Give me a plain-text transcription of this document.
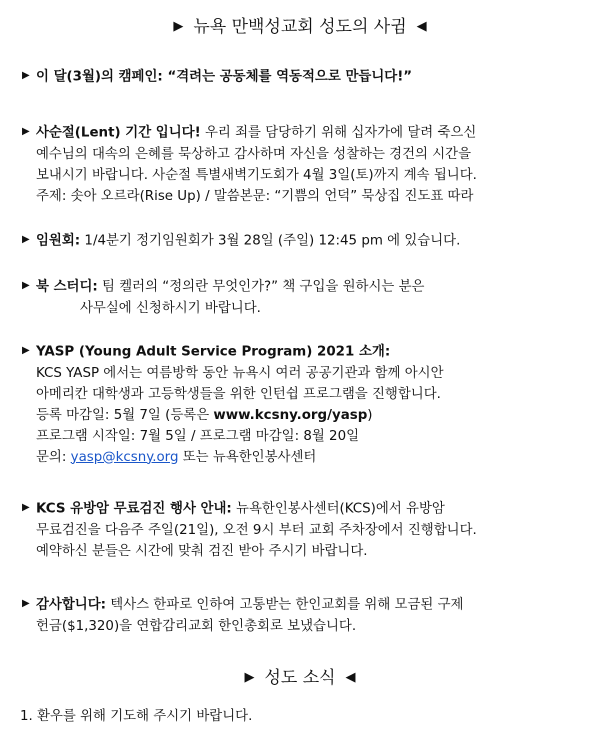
▶ 뉴욕 만백성교회 성도의 사귐 ◀
▶ 이 달(3월)의 캠페인: “격려는 공동체를 역동적으로 만듭니다!”
▶ 사순절(Lent) 기간 입니다! 우리 죄를 담당하기 위해 십자가에 달려 죽으신
예수님의 대속의 은혜를 묵상하고 감사하며 자신을 성찰하는 경건의 시간을
보내시기 바랍니다. 사순절 특별새벽기도회가 4월 3일(토)까지 계속 됩니다.
주제: 솟아 오르라(Rise Up) / 말씀본문: “기쁨의 언덕” 묵상집 진도표 따라
▶ 임원회: 1/4분기 정기임원회가 3월 28일 (주일) 12:45 pm 에 있습니다.
▶ 북 스터디: 팀 켈러의 “정의란 무엇인가?” 책 구입을 원하시는 분은
사무실에 신청하시기 바랍니다.
▶ YASP (Young Adult Service Program) 2021 소개:
KCS YASP 에서는 여름방학 동안 뉴욕시 여러 공공기관과 함께 아시안
아메리칸 대학생과 고등학생들을 위한 인턴쉽 프로그램을 진행합니다.
등록 마감일: 5월 7일 (등록은 www.kcsny.org/yasp)
프로그램 시작일: 7월 5일 / 프로그램 마감일: 8월 20일
문의: yasp@kcsny.org 또는 뉴욕한인봉사센터
▶ KCS 유방암 무료검진 행사 안내: 뉴욕한인봉사센터(KCS)에서 유방암
무료검진을 다음주 주일(21일), 오전 9시 부터 교회 주차장에서 진행합니다.
예약하신 분들은 시간에 맞춰 검진 받아 주시기 바랍니다.
▶ 감사합니다: 텍사스 한파로 인하여 고통받는 한인교회를 위해 모금된 구제
헌금($1,320)을 연합감리교회 한인총회로 보냈습니다.
▶ 성도 소식 ◀
1. 환우를 위해 기도해 주시기 바랍니다.
